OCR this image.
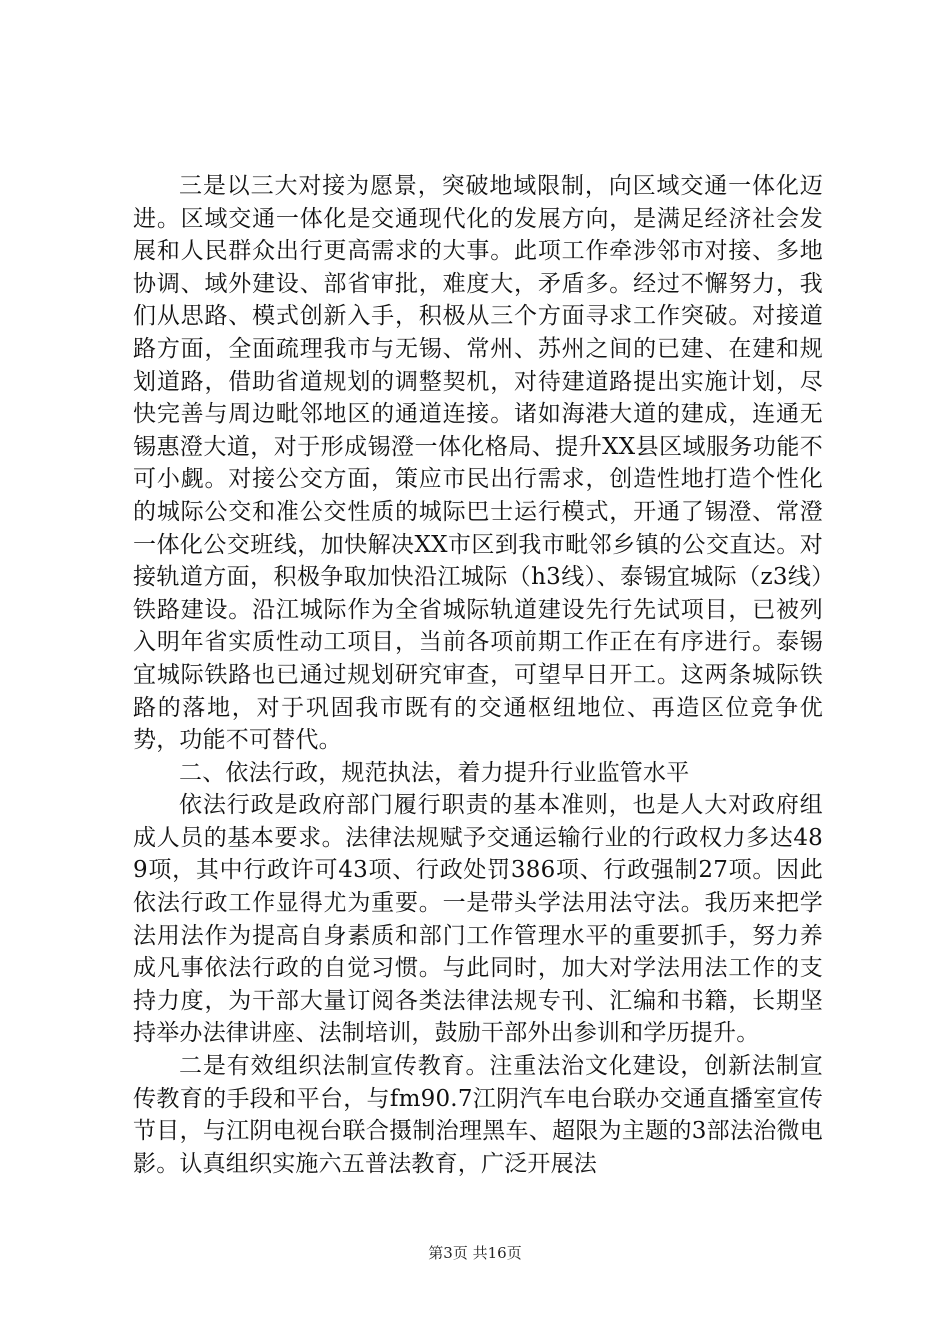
三是以三大对接为愿景，突破地域限制，向区域交通一体化迈进。区域交通一体化是交通现代化的发展方向，是满足经济社会发展和人民群众出行更高需求的大事。此项工作牵涉邻市对接、多地协调、域外建设、部省审批，难度大，矛盾多。经过不懈努力，我们从思路、模式创新入手，积极从三个方面寻求工作突破。对接道路方面，全面疏理我市与无锡、常州、苏州之间的已建、在建和规划道路，借助省道规划的调整契机，对待建道路提出实施计划，尽快完善与周边毗邻地区的通道连接。诸如海港大道的建成，连通无锡惠澄大道，对于形成锡澄一体化格局、提升XX县区域服务功能不可小觑。对接公交方面，策应市民出行需求，创造性地打造个性化的城际公交和准公交性质的城际巴士运行模式，开通了锡澄、常澄一体化公交班线，加快解决XX市区到我市毗邻乡镇的公交直达。对接轨道方面，积极争取加快沿江城际（h3线）、泰锡宜城际（z3线）铁路建设。沿江城际作为全省城际轨道建设先行先试项目，已被列入明年省实质性动工项目，当前各项前期工作正在有序进行。泰锡宜城际铁路也已通过规划研究审查，可望早日开工。这两条城际铁路的落地，对于巩固我市既有的交通枢纽地位、再造区位竞争优势，功能不可替代。

二、依法行政，规范执法，着力提升行业监管水平

依法行政是政府部门履行职责的基本准则，也是人大对政府组成人员的基本要求。法律法规赋予交通运输行业的行政权力多达489项，其中行政许可43项、行政处罚386项、行政强制27项。因此依法行政工作显得尤为重要。一是带头学法用法守法。我历来把学法用法作为提高自身素质和部门工作管理水平的重要抓手，努力养成凡事依法行政的自觉习惯。与此同时，加大对学法用法工作的支持力度，为干部大量订阅各类法律法规专刊、汇编和书籍，长期坚持举办法律讲座、法制培训，鼓励干部外出参训和学历提升。

二是有效组织法制宣传教育。注重法治文化建设，创新法制宣传教育的手段和平台，与fm90.7江阴汽车电台联办交通直播室宣传节目，与江阴电视台联合摄制治理黑车、超限为主题的3部法治微电影。认真组织实施六五普法教育，广泛开展法

第3页 共16页
